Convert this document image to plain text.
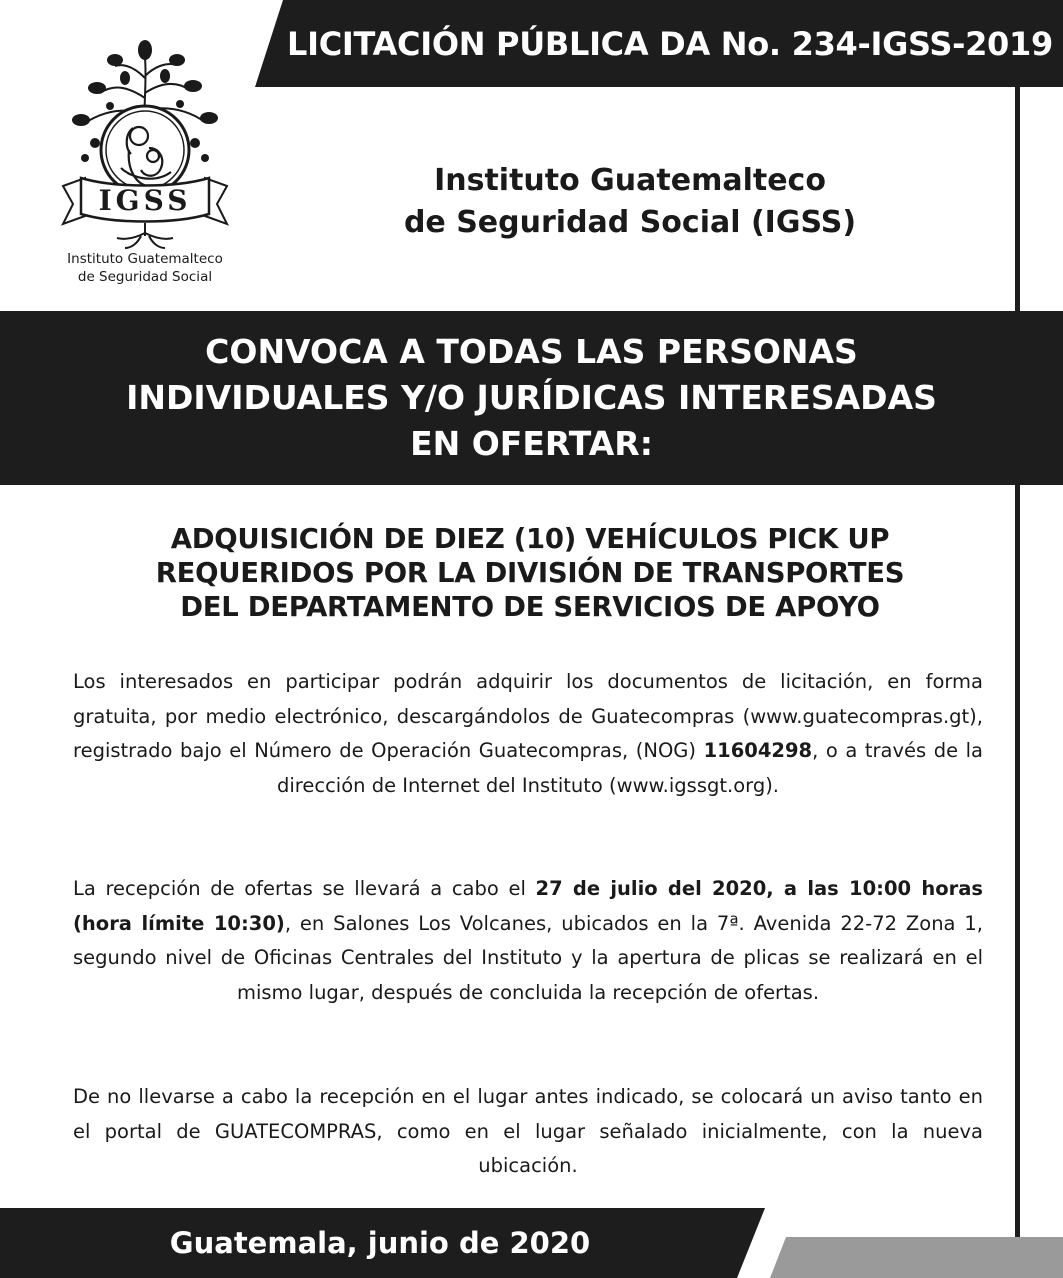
LICITACIÓN PÚBLICA DA No. 234-IGSS-2019
IGSS
Instituto Guatemalteco
de Seguridad Social
Instituto Guatemalteco
de Seguridad Social (IGSS)
CONVOCA A TODAS LAS PERSONAS
INDIVIDUALES Y/O JURÍDICAS INTERESADAS
EN OFERTAR:
ADQUISICIÓN DE DIEZ (10) VEHÍCULOS PICK UP
REQUERIDOS POR LA DIVISIÓN DE TRANSPORTES
DEL DEPARTAMENTO DE SERVICIOS DE APOYO
Los interesados en participar podrán adquirir los documentos de licitación, en forma gratuita, por medio electrónico, descargándolos de Guatecompras (www.guatecompras.gt), registrado bajo el Número de Operación Guatecompras, (NOG) 11604298, o a través de la dirección de Internet del Instituto (www.igssgt.org).
La recepción de ofertas se llevará a cabo el 27 de julio del 2020, a las 10:00 horas (hora límite 10:30), en Salones Los Volcanes, ubicados en la 7ª. Avenida 22-72 Zona 1, segundo nivel de Oficinas Centrales del Instituto y la apertura de plicas se realizará en el mismo lugar, después de concluida la recepción de ofertas.
De no llevarse a cabo la recepción en el lugar antes indicado, se colocará un aviso tanto en el portal de GUATECOMPRAS, como en el lugar señalado inicialmente, con la nueva ubicación.
Guatemala, junio de 2020
